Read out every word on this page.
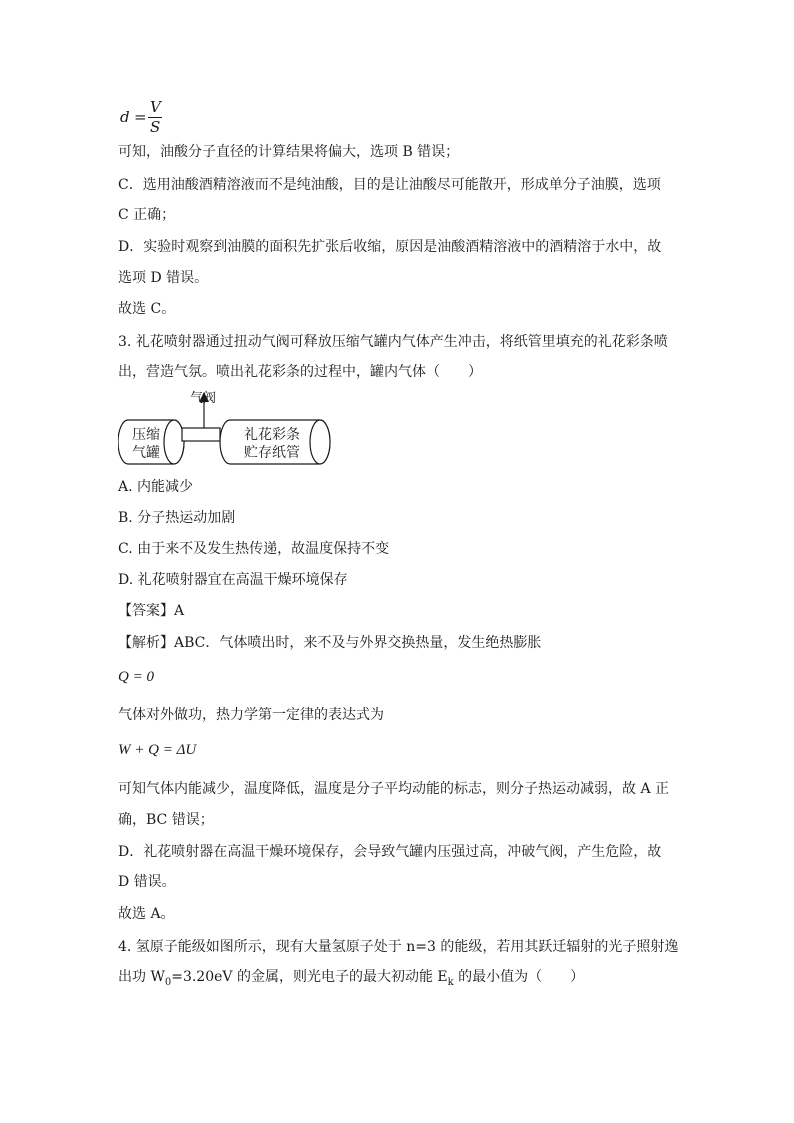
d =
V
S
可知，油酸分子直径的计算结果将偏大，选项 B 错误；
C．选用油酸酒精溶液而不是纯油酸，目的是让油酸尽可能散开，形成单分子油膜，选项
C 正确；
D．实验时观察到油膜的面积先扩张后收缩，原因是油酸酒精溶液中的酒精溶于水中，故
选项 D 错误。
故选 C。
3. 礼花喷射器通过扭动气阀可释放压缩气罐内气体产生冲击，将纸管里填充的礼花彩条喷
出，营造气氛。喷出礼花彩条的过程中，罐内气体（　　）
气阀
压缩
气罐
礼花彩条
贮存纸管
A. 内能减少
B. 分子热运动加剧
C. 由于来不及发生热传递，故温度保持不变
D. 礼花喷射器宜在高温干燥环境保存
【答案】A
【解析】ABC．气体喷出时，来不及与外界交换热量，发生绝热膨胀
Q = 0
气体对外做功，热力学第一定律的表达式为
W + Q = ΔU
可知气体内能减少，温度降低，温度是分子平均动能的标志，则分子热运动减弱，故 A 正
确，BC 错误；
D．礼花喷射器在高温干燥环境保存，会导致气罐内压强过高，冲破气阀，产生危险，故
D 错误。
故选 A。
4. 氢原子能级如图所示，现有大量氢原子处于 n=3 的能级，若用其跃迁辐射的光子照射逸
出功 $W_0=3.20eV$ 的金属，则光电子的最大初动能 $E_k$ 的最小值为（　　）
